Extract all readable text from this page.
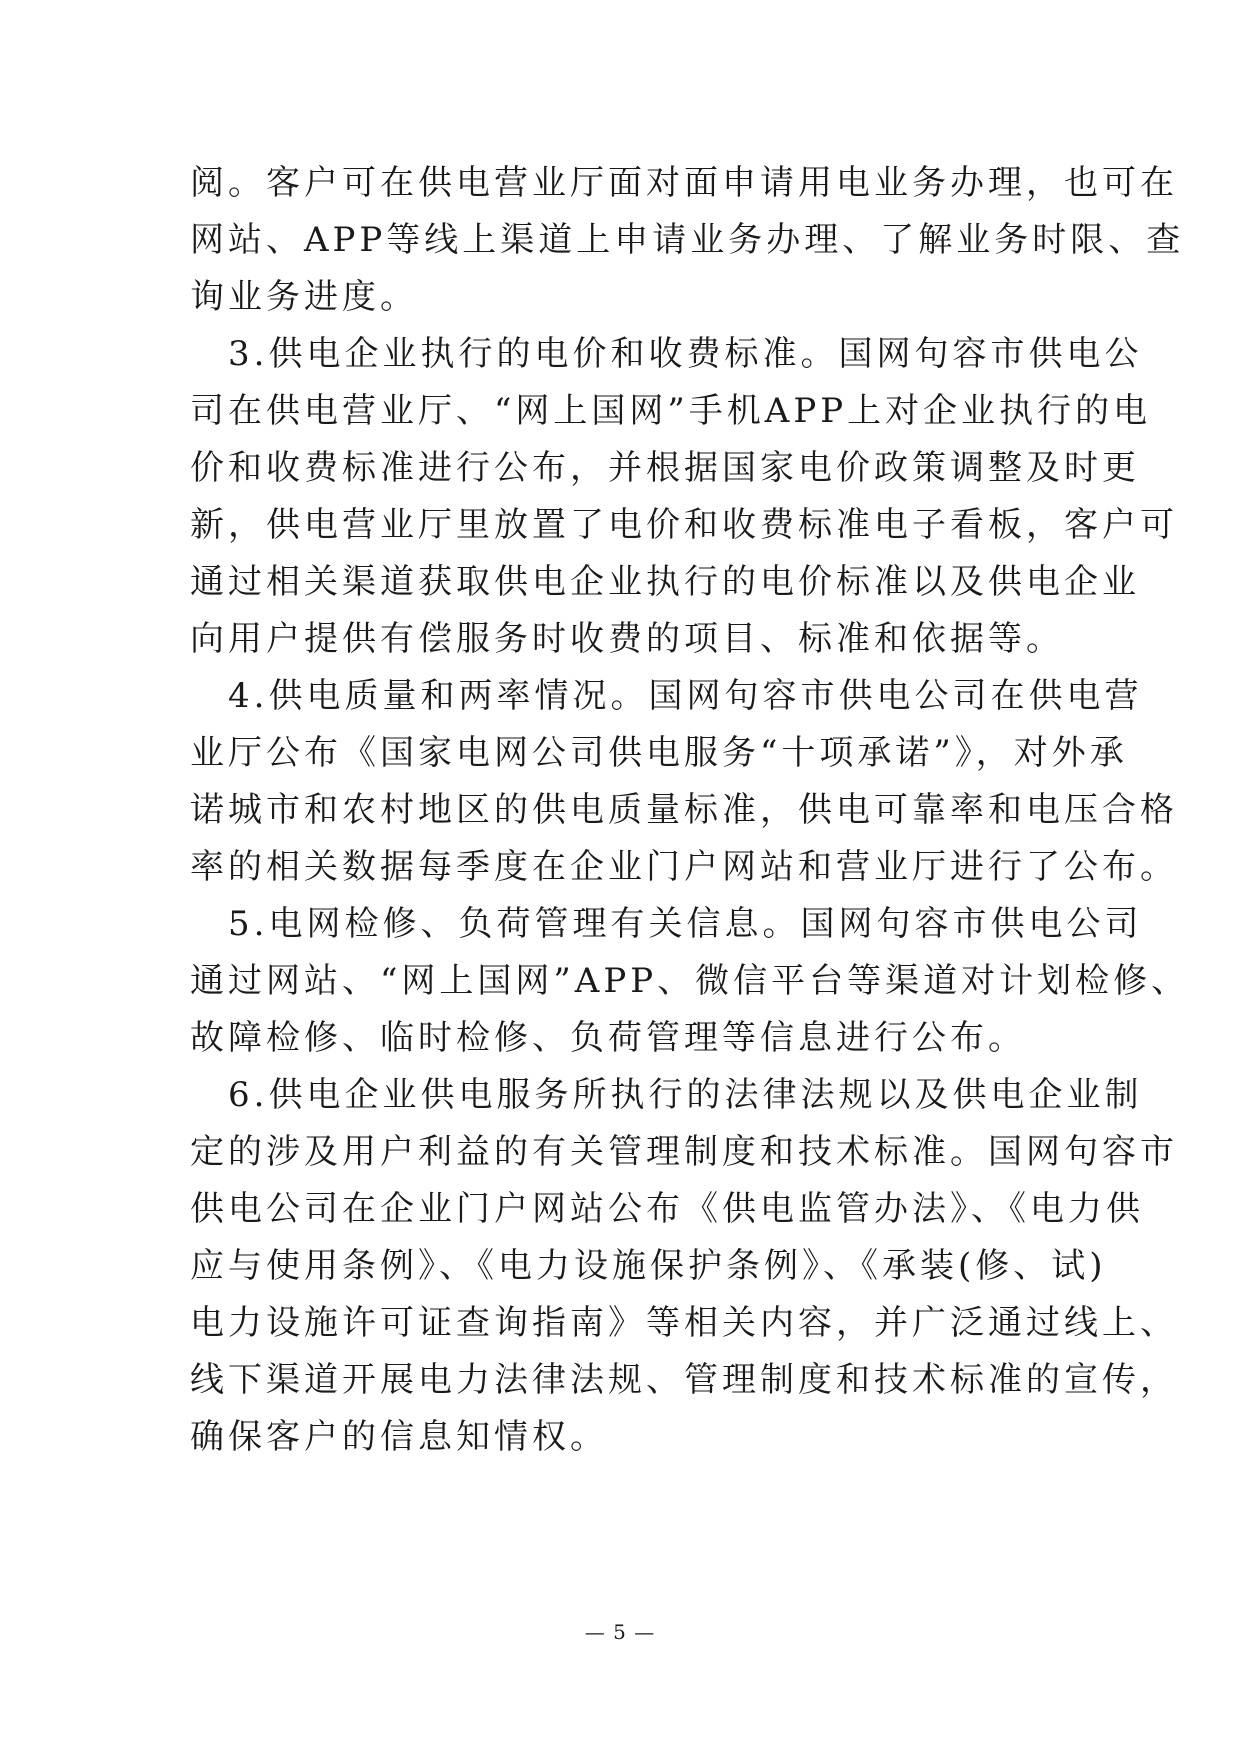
阅。客户可在供电营业厅面对面申请用电业务办理，也可在
网站、APP等线上渠道上申请业务办理、了解业务时限、查
询业务进度。
　3.供电企业执行的电价和收费标准。国网句容市供电公
司在供电营业厅、“网上国网”手机APP上对企业执行的电
价和收费标准进行公布，并根据国家电价政策调整及时更
新，供电营业厅里放置了电价和收费标准电子看板，客户可
通过相关渠道获取供电企业执行的电价标准以及供电企业
向用户提供有偿服务时收费的项目、标准和依据等。
　4.供电质量和两率情况。国网句容市供电公司在供电营
业厅公布《国家电网公司供电服务“十项承诺”》，对外承
诺城市和农村地区的供电质量标准，供电可靠率和电压合格
率的相关数据每季度在企业门户网站和营业厅进行了公布。
　5.电网检修、负荷管理有关信息。国网句容市供电公司
通过网站、“网上国网”APP、微信平台等渠道对计划检修、
故障检修、临时检修、负荷管理等信息进行公布。
　6.供电企业供电服务所执行的法律法规以及供电企业制
定的涉及用户利益的有关管理制度和技术标准。国网句容市
供电公司在企业门户网站公布《供电监管办法》、《电力供
应与使用条例》、《电力设施保护条例》、《承装(修、试)
电力设施许可证查询指南》等相关内容，并广泛通过线上、
线下渠道开展电力法律法规、管理制度和技术标准的宣传，
确保客户的信息知情权。
— 5 —
